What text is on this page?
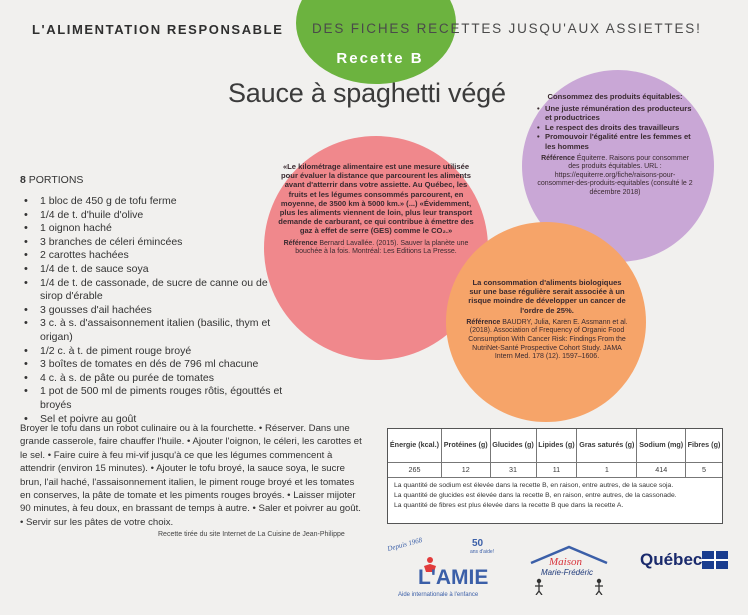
L'ALIMENTATION RESPONSABLE DES FICHES RECETTES JUSQU'AUX ASSIETTES!
Recette B
Sauce à spaghetti végé	Consommez des produits équitables:
• Une juste rémunération des producteurs et productrices
• Le respect des droits des travailleurs
• Promouvoir l'égalité entre les femmes et les hommes
Référence Équiterre. Raisons pour consommer des produits équitables. URL : https://equiterre.org/fiche/raisons-pour-consommer-des-produits-equitables (consulté le 2 décembre 2018)
«Le kilométrage alimentaire est une mesure utilisée pour évaluer la distance que parcourent les aliments avant d'atterrir dans votre assiette. Au Québec, les fruits et les légumes consommés parcourent, en moyenne, de 3500 km à 5000 km.» (...) «Évidemment, plus les aliments viennent de loin, plus leur transport demande de carburant, ce qui contribue à émettre des gaz à effet de serre (GES) comme le CO₂.»
Référence Bernard Lavallée. (2015). Sauver la planète une bouchée à la fois. Montréal: Les Editions La Presse.
La consommation d'aliments biologiques sur une base régulière serait associée à un risque moindre de développer un cancer de l'ordre de 25%.
Référence BAUDRY, Julia, Karen E. Assmann et al. (2018). Association of Frequency of Organic Food Consumption With Cancer Risk: Findings From the NutriNet-Santé Prospective Cohort Study. JAMA Intern Med. 178 (12). 1597–1606.
8 PORTIONS
• 1 bloc de 450 g de tofu ferme
• 1/4 de t. d'huile d'olive
• 1 oignon haché
• 3 branches de céleri émincées
• 2 carottes hachées
• 1/4 de t. de sauce soya
• 1/4 de t. de cassonade, de sucre de canne ou de sirop d'érable
• 3 gousses d'ail hachées
• 3 c. à s. d'assaisonnement italien (basilic, thym et origan)
• 1/2 c. à t. de piment rouge broyé
• 3 boîtes de tomates en dés de 796 ml chacune
• 4 c. à s. de pâte ou purée de tomates
• 1 pot de 500 ml de piments rouges rôtis, égouttés et broyés
• Sel et poivre au goût
Broyer le tofu dans un robot culinaire ou à la fourchette. • Réserver. Dans une grande casserole, faire chauffer l'huile. • Ajouter l'oignon, le céleri, les carottes et le sel. • Faire cuire à feu mi-vif jusqu'à ce que les légumes commencent à attendrir (environ 15 minutes). • Ajouter le tofu broyé, la sauce soya, le sucre brun, l'ail haché, l'assaisonnement italien, le piment rouge broyé et les tomates en conserves, la pâte de tomate et les piments rouges broyés. • Laisser mijoter 90 minutes, à feu doux, en brassant de temps à autre. • Saler et poivrer au goût. • Servir sur les pâtes de votre choix.
Recette tirée du site Internet de La Cuisine de Jean-Philippe
Énergie (kcal.)	Protéines (g)	Glucides (g)	Lipides (g)	Gras saturés (g)	Sodium (mg)	Fibres (g)
265	12	31	11	1	414	5
La quantité de sodium est élevée dans la recette B, en raison, entre autres, de la sauce soja.
La quantité de glucides est élevée dans la recette B, en raison, entre autres, de la cassonade.
La quantité de fibres est plus élevée dans la recette B que dans la recette A.
Depuis 1968	50
ans d'aide!
L'AMIE
Aide internationale à l'enfance
Maison
Marie-Frédéric
Québec
